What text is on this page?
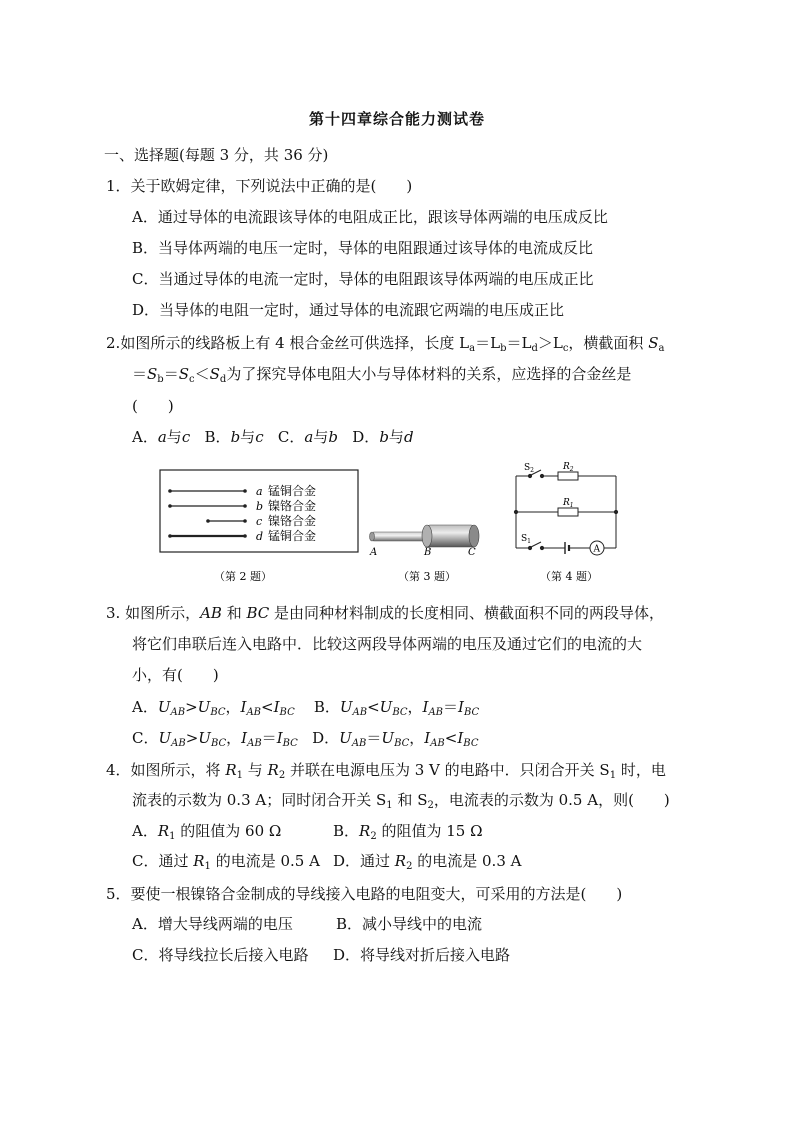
第十四章综合能力测试卷
一、选择题(每题 3 分，共 36 分)
1．关于欧姆定律，下列说法中正确的是(　　)
A．通过导体的电流跟该导体的电阻成正比，跟该导体两端的电压成反比
B．当导体两端的电压一定时，导体的电阻跟通过该导体的电流成反比
C．当通过导体的电流一定时，导体的电阻跟该导体两端的电压成正比
D．当导体的电阻一定时，通过导体的电流跟它两端的电压成正比
2.如图所示的线路板上有 4 根合金丝可供选择，长度 $L_a=L_b=L_d>L_c$，横截面积 $S_a$
$=S_b=S_c<S_d$为了探究导体电阻大小与导体材料的关系，应选择的合金丝是
(　　)
A．a与c B．b与c C．a与b D．b与d
a 锰铜合金
b 镍铬合金
c 镍铬合金
d 锰铜合金
（第 2 题）
A	B	C
（第 3 题）
$S_2$	$R_2$
$R_1$
$S_1$
A
（第 4 题）
3. 如图所示，AB 和 BC 是由同种材料制成的长度相同、横截面积不同的两段导体，
将它们串联后连入电路中．比较这两段导体两端的电压及通过它们的电流的大
小，有(　　)
A．$U_{AB}>U_{BC}$，$I_{AB}<I_{BC}$ B．$U_{AB}<U_{BC}$，$I_{AB}=I_{BC}$
C．$U_{AB}>U_{BC}$，$I_{AB}=I_{BC}$ D．$U_{AB}=U_{BC}$，$I_{AB}<I_{BC}$
4．如图所示，将 $R_1$ 与 $R_2$ 并联在电源电压为 3 V 的电路中．只闭合开关 $S_1$ 时，电
流表的示数为 0.3 A；同时闭合开关 $S_1$ 和 $S_2$，电流表的示数为 0.5 A，则(　　)
A．$R_1$ 的阻值为 60 Ω	B．$R_2$ 的阻值为 15 Ω
C．通过 $R_1$ 的电流是 0.5 A D．通过 $R_2$ 的电流是 0.3 A
5．要使一根镍铬合金制成的导线接入电路的电阻变大，可采用的方法是(　　)
A．增大导线两端的电压	B．减小导线中的电流
C．将导线拉长后接入电路 D．将导线对折后接入电路
